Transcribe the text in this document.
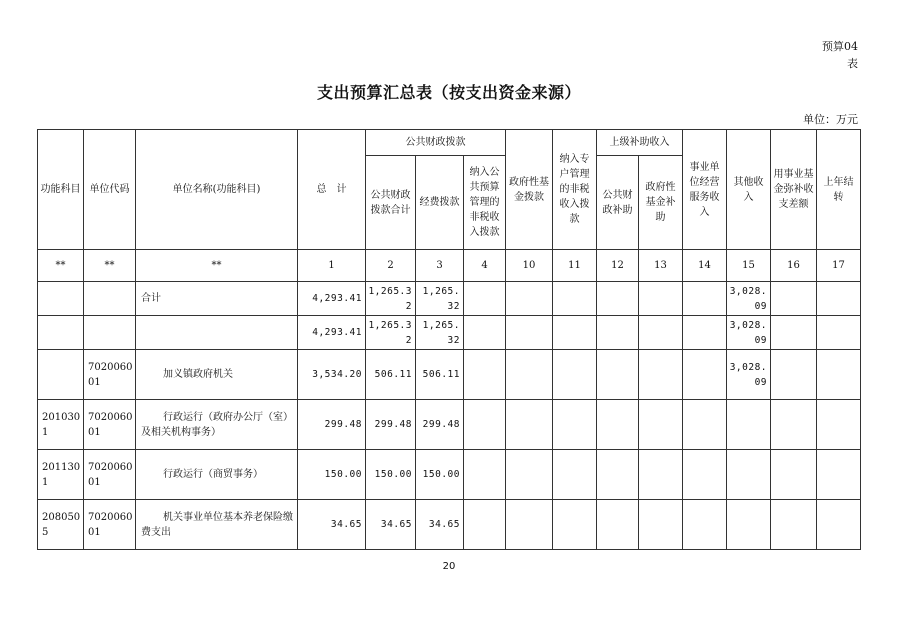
预算04
表
支出预算汇总表（按支出资金来源）
单位：万元
功能科目	单位代码	单位名称(功能科目)	总　计	公共财政拨款			政府性基金拨款	纳入专户管理的非税收入拨款	上级补助收入		事业单位经营服务收入	其他收入	用事业基金弥补收支差额	上年结转
				公共财政拨款合计	经费拨款	纳入公共预算管理的非税收入拨款			公共财政补助	政府性基金补助				
**	**	**	1	2	3	4	10	11	12	13	14	15	16	17
		合计	4,293.41	1,265.32	1,265.32							3,028.09		
			4,293.41	1,265.32	1,265.32							3,028.09		
	702006001	加义镇政府机关	3,534.20	506.11	506.11							3,028.09		
2010301	702006001	行政运行（政府办公厅（室）及相关机构事务）	299.48	299.48	299.48									
2011301	702006001	行政运行（商贸事务）	150.00	150.00	150.00									
2080505	702006001	机关事业单位基本养老保险缴费支出	34.65	34.65	34.65									
20
